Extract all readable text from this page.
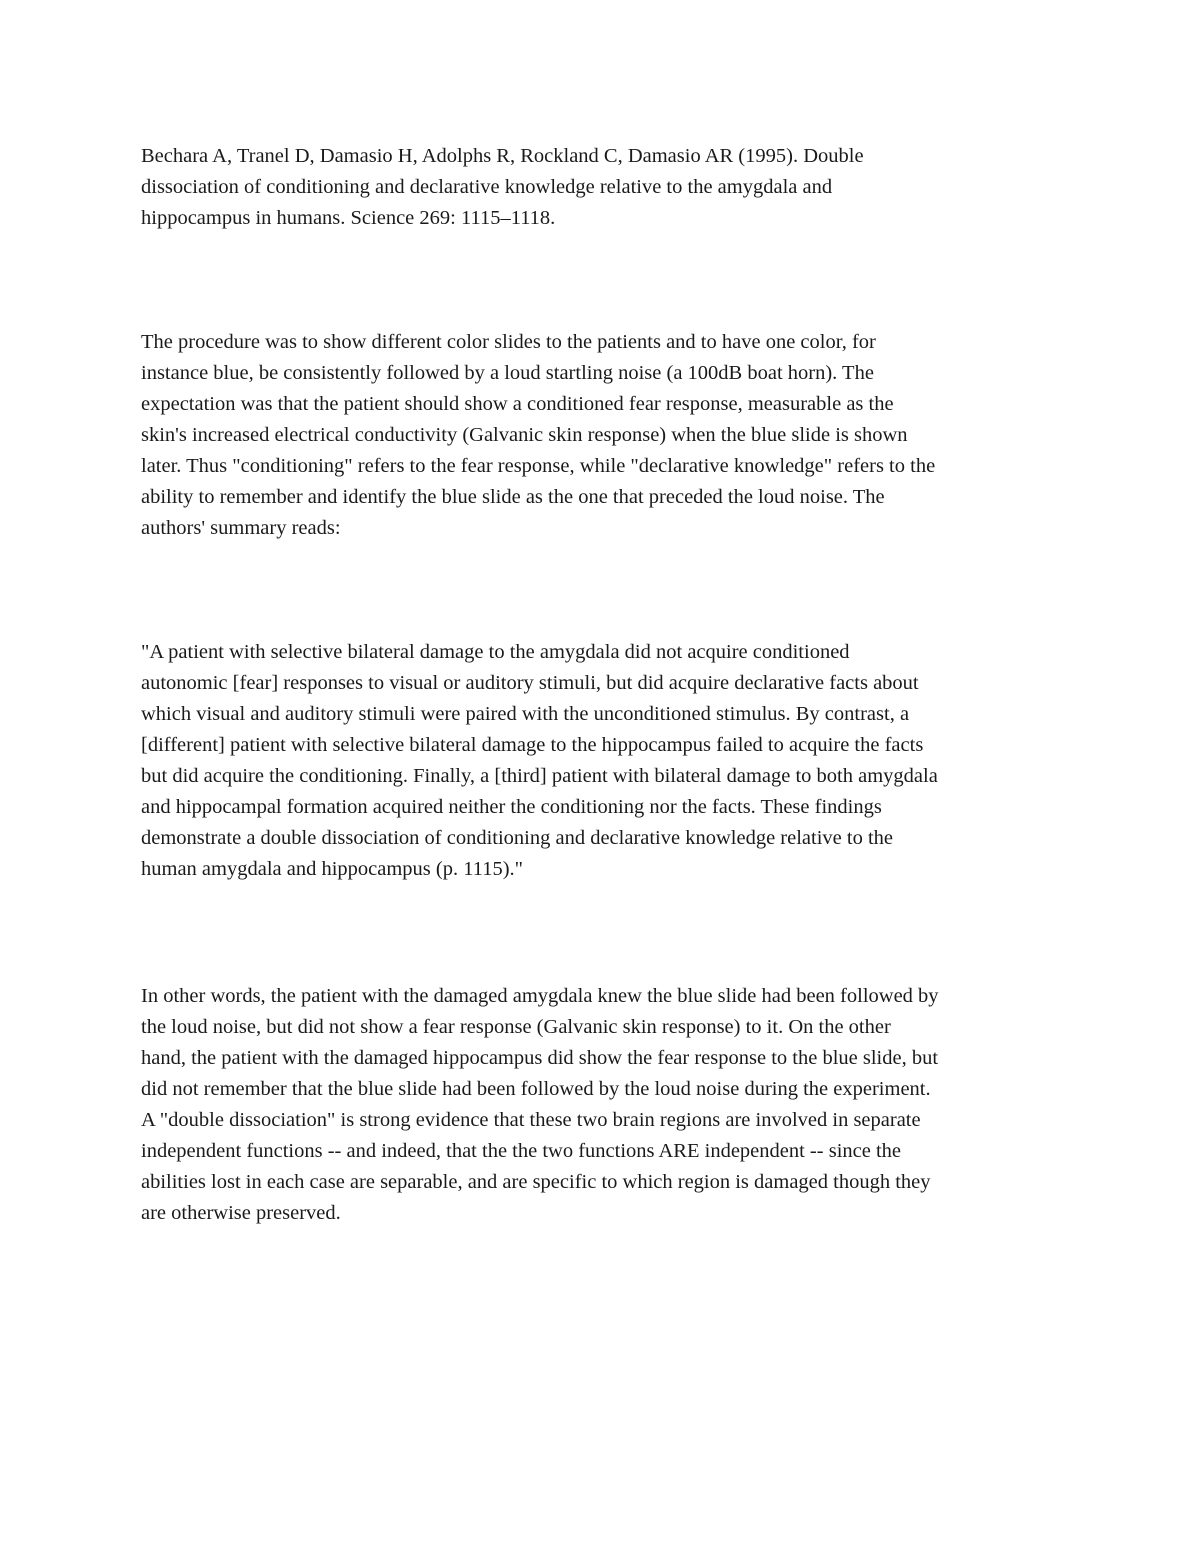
Bechara A, Tranel D, Damasio H, Adolphs R, Rockland C, Damasio AR (1995). Double
dissociation of conditioning and declarative knowledge relative to the amygdala and
hippocampus in humans. Science 269: 1115–1118.

The procedure was to show different color slides to the patients and to have one color, for
instance blue, be consistently followed by a loud startling noise (a 100dB boat horn). The
expectation was that the patient should show a conditioned fear response, measurable as the
skin's increased electrical conductivity (Galvanic skin response) when the blue slide is shown
later. Thus "conditioning" refers to the fear response, while "declarative knowledge" refers to the
ability to remember and identify the blue slide as the one that preceded the loud noise. The
authors' summary reads:

"A patient with selective bilateral damage to the amygdala did not acquire conditioned
autonomic [fear] responses to visual or auditory stimuli, but did acquire declarative facts about
which visual and auditory stimuli were paired with the unconditioned stimulus. By contrast, a
[different] patient with selective bilateral damage to the hippocampus failed to acquire the facts
but did acquire the conditioning. Finally, a [third] patient with bilateral damage to both amygdala
and hippocampal formation acquired neither the conditioning nor the facts. These findings
demonstrate a double dissociation of conditioning and declarative knowledge relative to the
human amygdala and hippocampus (p. 1115)."

In other words, the patient with the damaged amygdala knew the blue slide had been followed by
the loud noise, but did not show a fear response (Galvanic skin response) to it. On the other
hand, the patient with the damaged hippocampus did show the fear response to the blue slide, but
did not remember that the blue slide had been followed by the loud noise during the experiment.
A "double dissociation" is strong evidence that these two brain regions are involved in separate
independent functions -- and indeed, that the the two functions ARE independent -- since the
abilities lost in each case are separable, and are specific to which region is damaged though they
are otherwise preserved.
